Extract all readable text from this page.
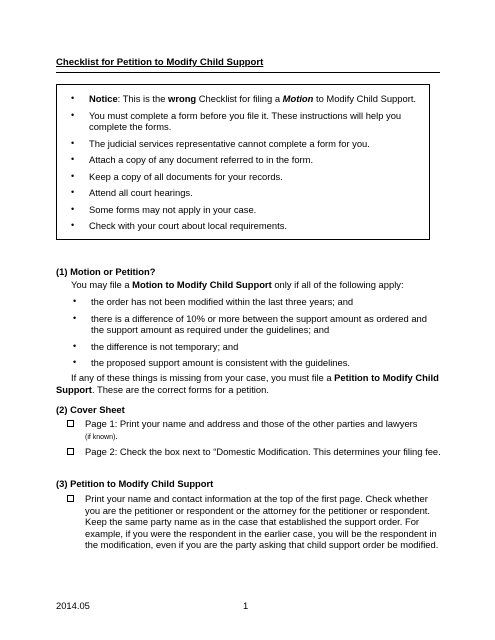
Checklist for Petition to Modify Child Support
• Notice: This is the wrong Checklist for filing a Motion to Modify Child Support.
• You must complete a form before you file it. These instructions will help you complete the forms.
• The judicial services representative cannot complete a form for you.
• Attach a copy of any document referred to in the form.
• Keep a copy of all documents for your records.
• Attend all court hearings.
• Some forms may not apply in your case.
• Check with your court about local requirements.
(1) Motion or Petition?
You may file a Motion to Modify Child Support only if all of the following apply:
• the order has not been modified within the last three years; and
• there is a difference of 10% or more between the support amount as ordered and the support amount as required under the guidelines; and
• the difference is not temporary; and
• the proposed support amount is consistent with the guidelines.
If any of these things is missing from your case, you must file a Petition to Modify Child Support. These are the correct forms for a petition.
(2) Cover Sheet
Page 1: Print your name and address and those of the other parties and lawyers
(if known).
Page 2: Check the box next to “Domestic Modification. This determines your filing fee.
(3) Petition to Modify Child Support
Print your name and contact information at the top of the first page. Check whether you are the petitioner or respondent or the attorney for the petitioner or respondent. Keep the same party name as in the case that established the support order. For example, if you were the respondent in the earlier case, you will be the respondent in the modification, even if you are the party asking that child support order be modified.
2014.05	1
